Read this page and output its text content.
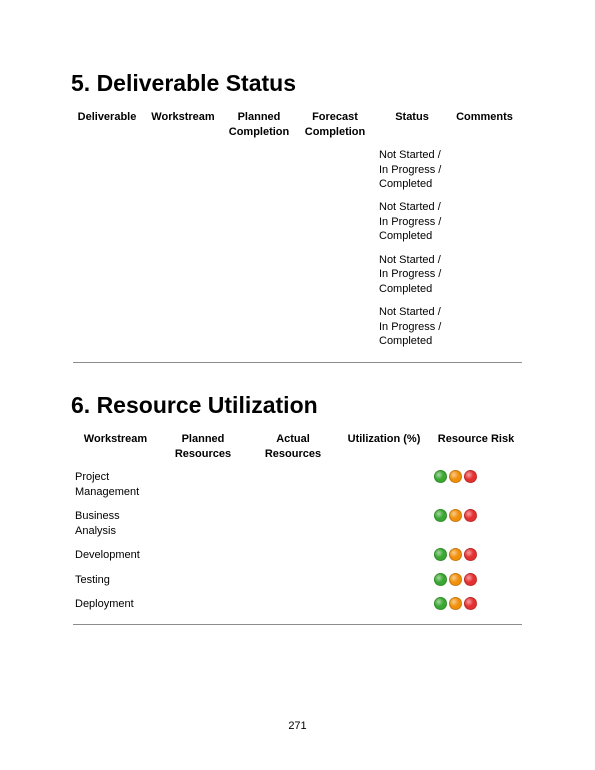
5. Deliverable Status
Deliverable	Workstream	Planned Completion	Forecast Completion	Status	Comments
				Not Started / In Progress / Completed	
				Not Started / In Progress / Completed	
				Not Started / In Progress / Completed	
				Not Started / In Progress / Completed	
6. Resource Utilization
Workstream	Planned Resources	Actual Resources	Utilization (%)	Resource Risk
Project Management				

Business Analysis				

Development				

Testing				

Deployment				
271
